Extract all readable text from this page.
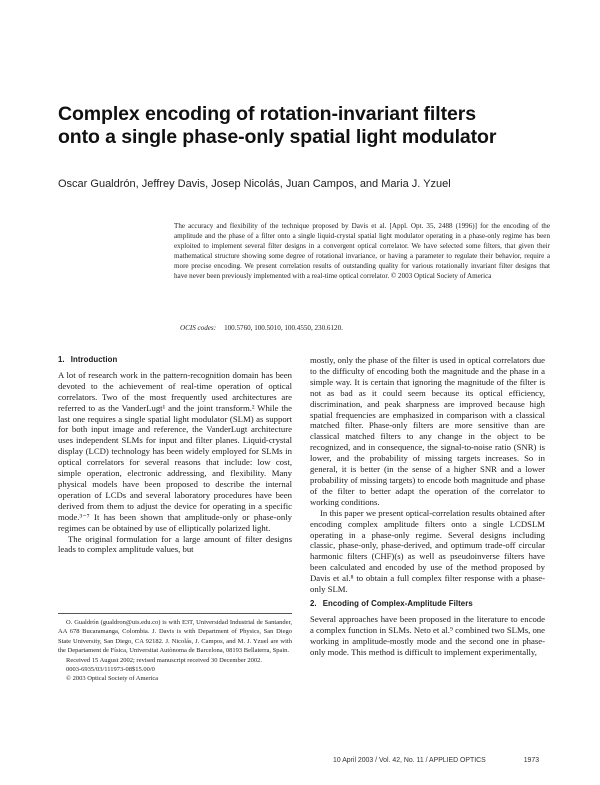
Complex encoding of rotation-invariant filters
onto a single phase-only spatial light modulator
Oscar Gualdrón, Jeffrey Davis, Josep Nicolás, Juan Campos, and Maria J. Yzuel

The accuracy and flexibility of the technique proposed by Davis et al. [Appl. Opt. 35, 2488 (1996)] for the encoding of the amplitude and the phase of a filter onto a single liquid-crystal spatial light modulator operating in a phase-only regime has been exploited to implement several filter designs in a convergent optical correlator. We have selected some filters, that given their mathematical structure showing some degree of rotational invariance, or having a parameter to regulate their behavior, require a more precise encoding. We present correlation results of outstanding quality for various rotationally invariant filter designs that have never been previously implemented with a real-time optical correlator. © 2003 Optical Society of America

OCIS codes: 100.5760, 100.5010, 100.4550, 230.6120.
1. Introduction

A lot of research work in the pattern-recognition domain has been devoted to the achievement of real-time operation of optical correlators. Two of the most frequently used architectures are referred to as the VanderLugt¹ and the joint transform.² While the last one requires a single spatial light modulator (SLM) as support for both input image and reference, the VanderLugt architecture uses independent SLMs for input and filter planes. Liquid-crystal display (LCD) technology has been widely employed for SLMs in optical correlators for several reasons that include: low cost, simple operation, electronic addressing, and flexibility. Many physical models have been proposed to describe the internal operation of LCDs and several laboratory procedures have been derived from them to adjust the device for operating in a specific mode.³⁻⁷ It has been shown that amplitude-only or phase-only regimes can be obtained by use of elliptically polarized light.

The original formulation for a large amount of filter designs leads to complex amplitude values, but

O. Gualdrón (gualdron@uis.edu.co) is with E3T, Universidad Industrial de Santander, AA 678 Bucaramanga, Colombia. J. Davis is with Department of Physics, San Diego State University, San Diego, CA 92182. J. Nicolás, J. Campos, and M. J. Yzuel are with the Departament de Física, Universitat Autònoma de Barcelona, 08193 Bellaterra, Spain.

Received 15 August 2002; revised manuscript received 30 December 2002.

0003-6935/03/111973-08$15.00/0

© 2003 Optical Society of America

mostly, only the phase of the filter is used in optical correlators due to the difficulty of encoding both the magnitude and the phase in a simple way. It is certain that ignoring the magnitude of the filter is not as bad as it could seem because its optical efficiency, discrimination, and peak sharpness are improved because high spatial frequencies are emphasized in comparison with a classical matched filter. Phase-only filters are more sensitive than are classical matched filters to any change in the object to be recognized, and in consequence, the signal-to-noise ratio (SNR) is lower, and the probability of missing targets increases. So in general, it is better (in the sense of a higher SNR and a lower probability of missing targets) to encode both magnitude and phase of the filter to better adapt the operation of the correlator to working conditions.

In this paper we present optical-correlation results obtained after encoding complex amplitude filters onto a single LCDSLM operating in a phase-only regime. Several designs including classic, phase-only, phase-derived, and optimum trade-off circular harmonic filters (CHF)(s) as well as pseudoinverse filters have been calculated and encoded by use of the method proposed by Davis et al.⁸ to obtain a full complex filter response with a phase-only SLM.

2. Encoding of Complex-Amplitude Filters

Several approaches have been proposed in the literature to encode a complex function in SLMs. Neto et al.⁹ combined two SLMs, one working in amplitude-mostly mode and the second one in phase-only mode. This method is difficult to implement experimentally,

10 April 2003 / Vol. 42, No. 11 / APPLIED OPTICS	1973
